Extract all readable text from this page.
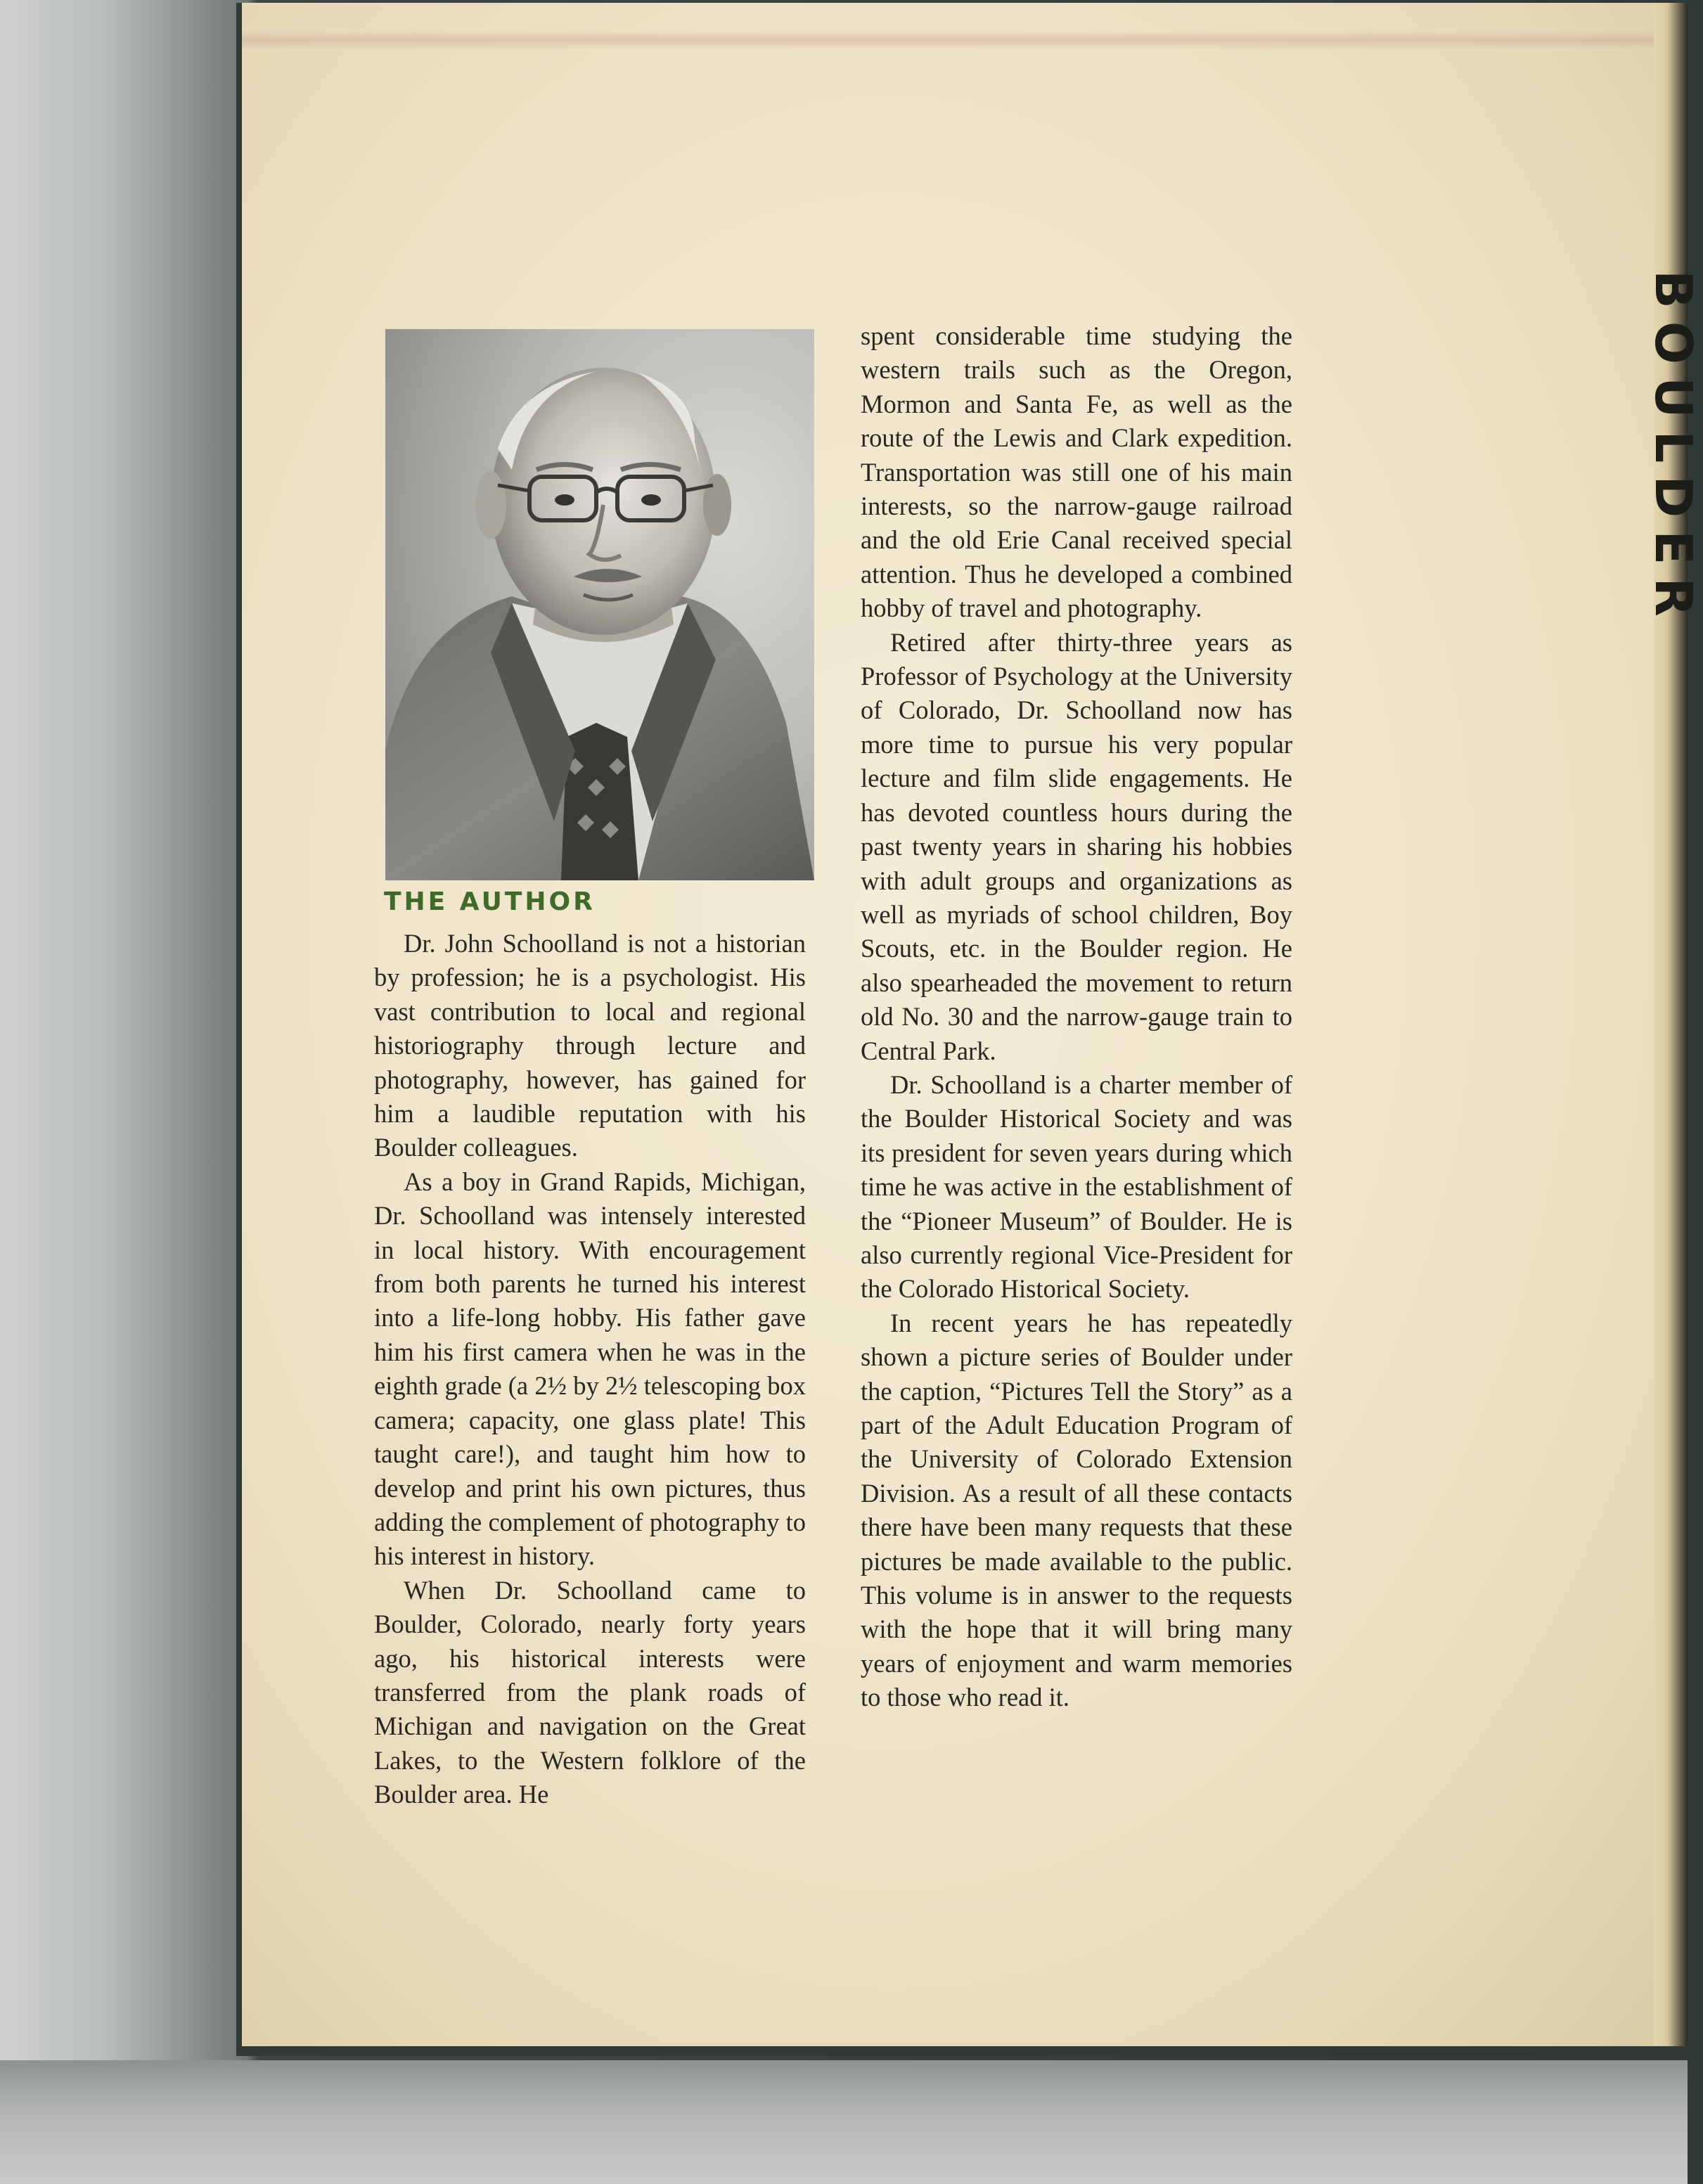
BOULDER
THE AUTHOR

Dr. John Schoolland is not a historian by profession; he is a psychologist. His vast contribution to local and regional historiography through lecture and photography, however, has gained for him a laudible reputation with his Boulder colleagues.

As a boy in Grand Rapids, Michigan, Dr. Schoolland was intensely interested in local history. With encouragement from both parents he turned his interest into a life-long hobby. His father gave him his first camera when he was in the eighth grade (a 2½ by 2½ telescoping box camera; capacity, one glass plate! This taught care!), and taught him how to develop and print his own pictures, thus adding the complement of photography to his interest in history.

When Dr. Schoolland came to Boulder, Colorado, nearly forty years ago, his historical interests were transferred from the plank roads of Michigan and navigation on the Great Lakes, to the Western folklore of the Boulder area. He

spent considerable time studying the western trails such as the Oregon, Mormon and Santa Fe, as well as the route of the Lewis and Clark expedition. Transportation was still one of his main interests, so the narrow-gauge railroad and the old Erie Canal received special attention. Thus he developed a combined hobby of travel and photography.

Retired after thirty-three years as Professor of Psychology at the University of Colorado, Dr. Schoolland now has more time to pursue his very popular lecture and film slide engagements. He has devoted countless hours during the past twenty years in sharing his hobbies with adult groups and organizations as well as myriads of school children, Boy Scouts, etc. in the Boulder region. He also spearheaded the movement to return old No. 30 and the narrow-gauge train to Central Park.

Dr. Schoolland is a charter member of the Boulder Historical Society and was its president for seven years during which time he was active in the establishment of the “Pioneer Museum” of Boulder. He is also currently regional Vice-President for the Colorado Historical Society.

In recent years he has repeatedly shown a picture series of Boulder under the caption, “Pictures Tell the Story” as a part of the Adult Education Program of the University of Colorado Extension Division. As a result of all these contacts there have been many requests that these pictures be made available to the public. This volume is in answer to the requests with the hope that it will bring many years of enjoyment and warm memories to those who read it.
